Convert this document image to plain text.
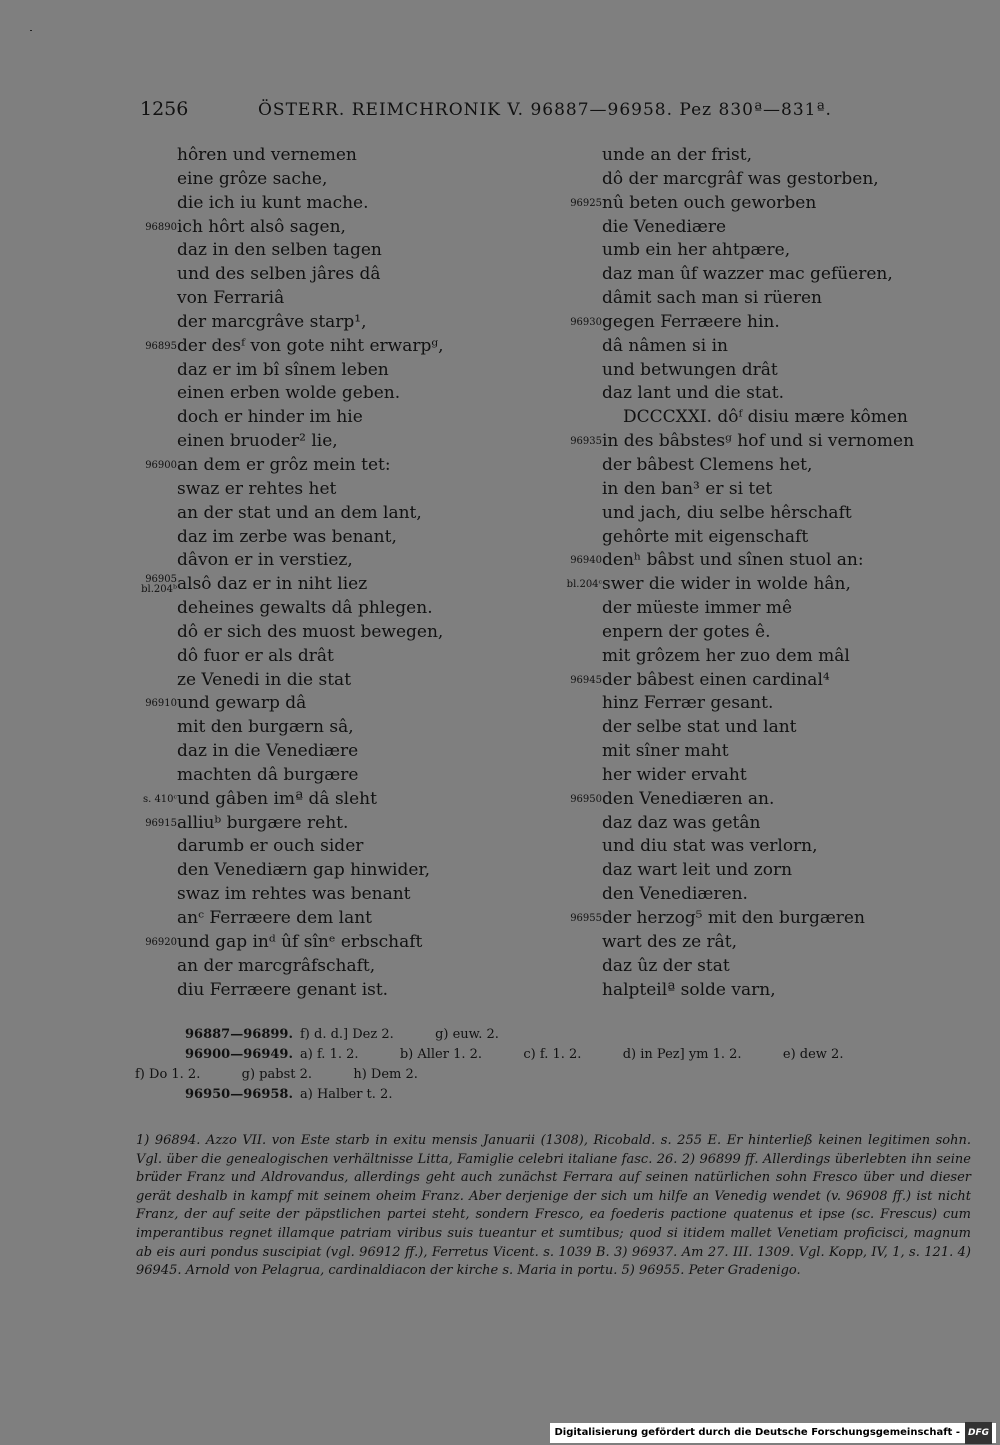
1256	ÖSTERR. REIMCHRONIK V. 96887—96958. Pez 830ª—831ª.
hôren und vernemen
eine grôze sache,
die ich iu kunt mache.
96890 ich hôrt alsô sagen,
daz in den selben tagen
und des selben jâres dâ
von Ferrariâ
der marcgrâve starp¹,
96895 der desᶠ von gote niht erwarpᵍ,
daz er im bî sînem leben
einen erben wolde geben.
doch er hinder im hie
einen bruoder² lie,
96900 an dem er grôz mein tet:
swaz er rehtes het
an der stat und an dem lant,
daz im zerbe was benant,
dâvon er in verstiez,
96905
bl.204ᵇ alsô daz er in niht liez
deheines gewalts dâ phlegen.
dô er sich des muost bewegen,
dô fuor er als drât
ze Venedi in die stat
96910 und gewarp dâ
mit den burgærn sâ,
daz in die Venediære
machten dâ burgære
s. 410ᶜ und gâben imª dâ sleht
96915 alliuᵇ burgære reht.
darumb er ouch sider
den Venediærn gap hinwider,
swaz im rehtes was benant
anᶜ Ferræere dem lant
96920 und gap inᵈ ûf sînᵉ erbschaft
an der marcgrâfschaft,
diu Ferræere genant ist.
unde an der frist,
dô der marcgrâf was gestorben,
96925 nû beten ouch geworben
die Venediære
umb ein her ahtpære,
daz man ûf wazzer mac gefüeren,
dâmit sach man si rüeren
96930 gegen Ferræere hin.
dâ nâmen si in
und betwungen drât
daz lant und die stat.
DCCCXXI. dôᶠ disiu mære kômen
96935 in des bâbstesᵍ hof und si vernomen
der bâbest Clemens het,
in den ban³ er si tet
und jach, diu selbe hêrschaft
gehôrte mit eigenschaft
96940 denʰ bâbst und sînen stuol an:
bl.204ᶜ swer die wider in wolde hân,
der müeste immer mê
enpern der gotes ê.
mit grôzem her zuo dem mâl
96945 der bâbest einen cardinal⁴
hinz Ferrær gesant.
der selbe stat und lant
mit sîner maht
her wider ervaht
96950 den Venediæren an.
daz daz was getân
und diu stat was verlorn,
daz wart leit und zorn
den Venediæren.
96955 der herzog⁵ mit den burgæren
wart des ze rât,
daz ûz der stat
halpteilª solde varn,
96887—96899. f) d. d.] Dez 2.          g) euw. 2.
96900—96949. a) f. 1. 2.          b) Aller 1. 2.          c) f. 1. 2.          d) in Pez] ym 1. 2.          e) dew 2.
f) Do 1. 2.          g) pabst 2.          h) Dem 2.
96950—96958. a) Halber t. 2.

1) 96894. Azzo VII. von Este starb in exitu mensis Januarii (1308), Ricobald. s. 255 E. Er hinterließ keinen legitimen sohn. Vgl. über die genealogischen verhältnisse Litta, Famiglie celebri italiane fasc. 26. 2) 96899 ff. Allerdings überlebten ihn seine brüder Franz und Aldrovandus, allerdings geht auch zunächst Ferrara auf seinen natürlichen sohn Fresco über und dieser gerät deshalb in kampf mit seinem oheim Franz. Aber derjenige der sich um hilfe an Venedig wendet (v. 96908 ff.) ist nicht Franz, der auf seite der päpstlichen partei steht, sondern Fresco, ea foederis pactione quatenus et ipse (sc. Frescus) cum imperantibus regnet illamque patriam viribus suis tueantur et sumtibus; quod si itidem mallet Venetiam proficisci, magnum ab eis auri pondus suscipiat (vgl. 96912 ff.), Ferretus Vicent. s. 1039 B. 3) 96937. Am 27. III. 1309. Vgl. Kopp, IV, 1, s. 121. 4) 96945. Arnold von Pelagrua, cardinaldiacon der kirche s. Maria in portu. 5) 96955. Peter Gradenigo.

Digitalisierung gefördert durch die Deutsche Forschungsgemeinschaft - DFG
